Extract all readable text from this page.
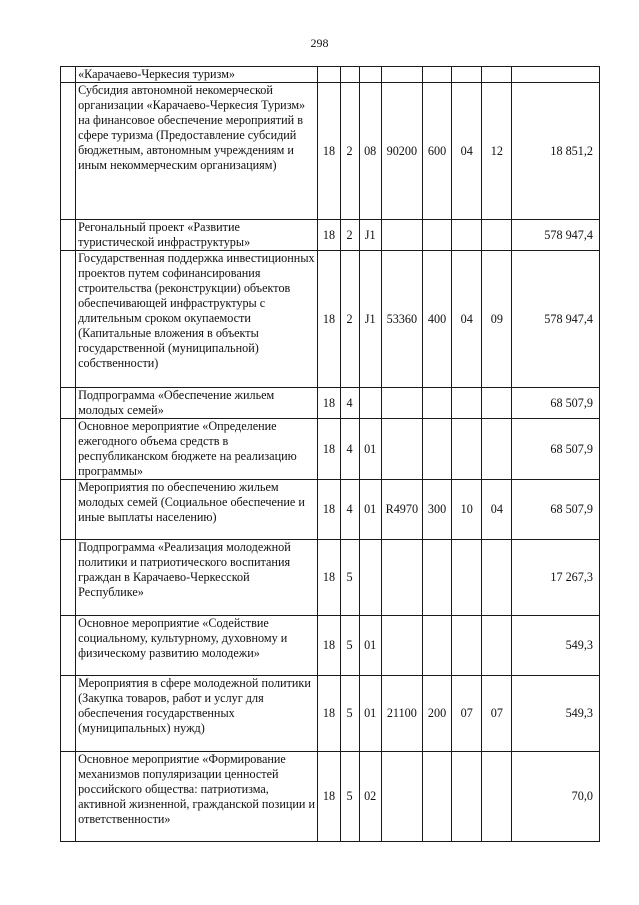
298
	«Карачаево-Черкесия туризм»								
	Субсидия автономной некомерческой организации «Карачаево-Черкесия Туризм» на финансовое обеспечение мероприятий в сфере туризма (Предоставление субсидий бюджетным, автономным учреждениям и иным некоммерческим организациям)	18	2	08	90200	600	04	12	18 851,2
	Регональный проект «Развитие туристической инфраструктуры»	18	2	J1					578 947,4
	Государственная поддержка инвестиционных проектов путем софинансирования строительства (реконструкции) объектов обеспечивающей инфраструктуры с длительным сроком окупаемости (Капитальные вложения в объекты государственной (муниципальной) собственности)	18	2	J1	53360	400	04	09	578 947,4
	Подпрограмма «Обеспечение жильем молодых семей»	18	4						68 507,9
	Основное мероприятие «Определение ежегодного объема средств в республиканском бюджете на реализацию программы»	18	4	01					68 507,9
	Мероприятия по обеспечению жильем молодых семей (Социальное обеспечение и иные выплаты населению)	18	4	01	R4970	300	10	04	68 507,9
	Подпрограмма «Реализация молодежной политики и патриотического воспитания граждан в Карачаево-Черкесской Республике»	18	5						17 267,3
	Основное мероприятие «Содействие социальному, культурному, духовному и физическому развитию молодежи»	18	5	01					549,3
	Мероприятия в сфере молодежной политики (Закупка товаров, работ и услуг для обеспечения государственных (муниципальных) нужд)	18	5	01	21100	200	07	07	549,3
	Основное мероприятие «Формирование механизмов популяризации ценностей российского общества: патриотизма, активной жизненной, гражданской позиции и ответственности»	18	5	02					70,0
